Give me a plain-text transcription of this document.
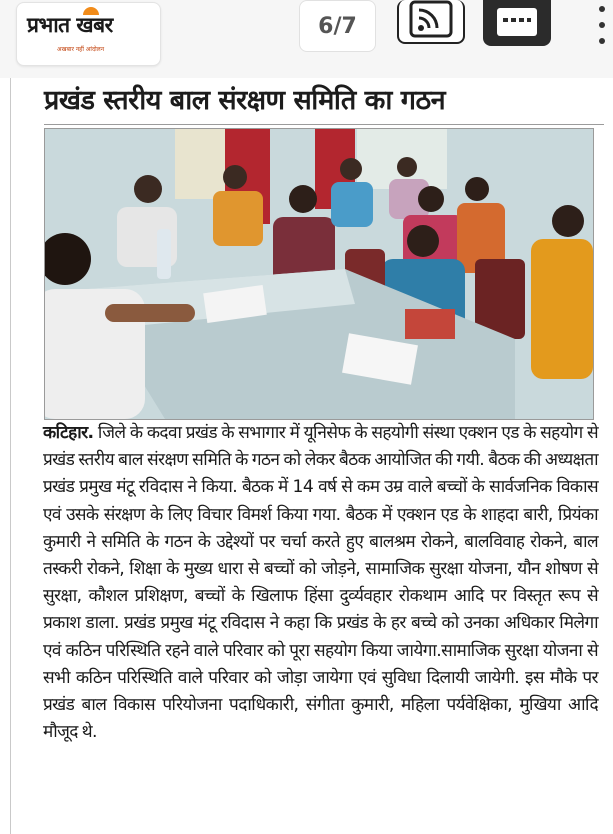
प्रभात खबर
अखबार नहीं आंदोलन
6/7
प्रखंड स्तरीय बाल संरक्षण समिति का गठन
कटिहार. जिले के कदवा प्रखंड के सभागार में यूनिसेफ के सहयोगी संस्था एक्शन एड के सहयोग से प्रखंड स्तरीय बाल संरक्षण समिति के गठन को लेकर बैठक आयोजित की गयी. बैठक की अध्यक्षता प्रखंड प्रमुख मंटू रविदास ने किया. बैठक में 14 वर्ष से कम उम्र वाले बच्चों के सार्वजनिक विकास एवं उसके संरक्षण के लिए विचार विमर्श किया गया. बैठक में एक्शन एड के शाहदा बारी, प्रियंका कुमारी ने समिति के गठन के उद्देश्यों पर चर्चा करते हुए बालश्रम रोकने, बालविवाह रोकने, बाल तस्करी रोकने, शिक्षा के मुख्य धारा से बच्चों को जोड़ने, सामाजिक सुरक्षा योजना, यौन शोषण से सुरक्षा, कौशल प्रशिक्षण, बच्चों के खिलाफ हिंसा दुर्व्यवहार रोकथाम आदि पर विस्तृत रूप से प्रकाश डाला. प्रखंड प्रमुख मंटू रविदास ने कहा कि प्रखंड के हर बच्चे को उनका अधिकार मिलेगा एवं कठिन परिस्थिति रहने वाले परिवार को पूरा सहयोग किया जायेगा.सामाजिक सुरक्षा योजना से सभी कठिन परिस्थिति वाले परिवार को जोड़ा जायेगा एवं सुविधा दिलायी जायेगी. इस मौके पर प्रखंड बाल विकास परियोजना पदाधिकारी, संगीता कुमारी, महिला पर्यवेक्षिका, मुखिया आदि मौजूद थे.
